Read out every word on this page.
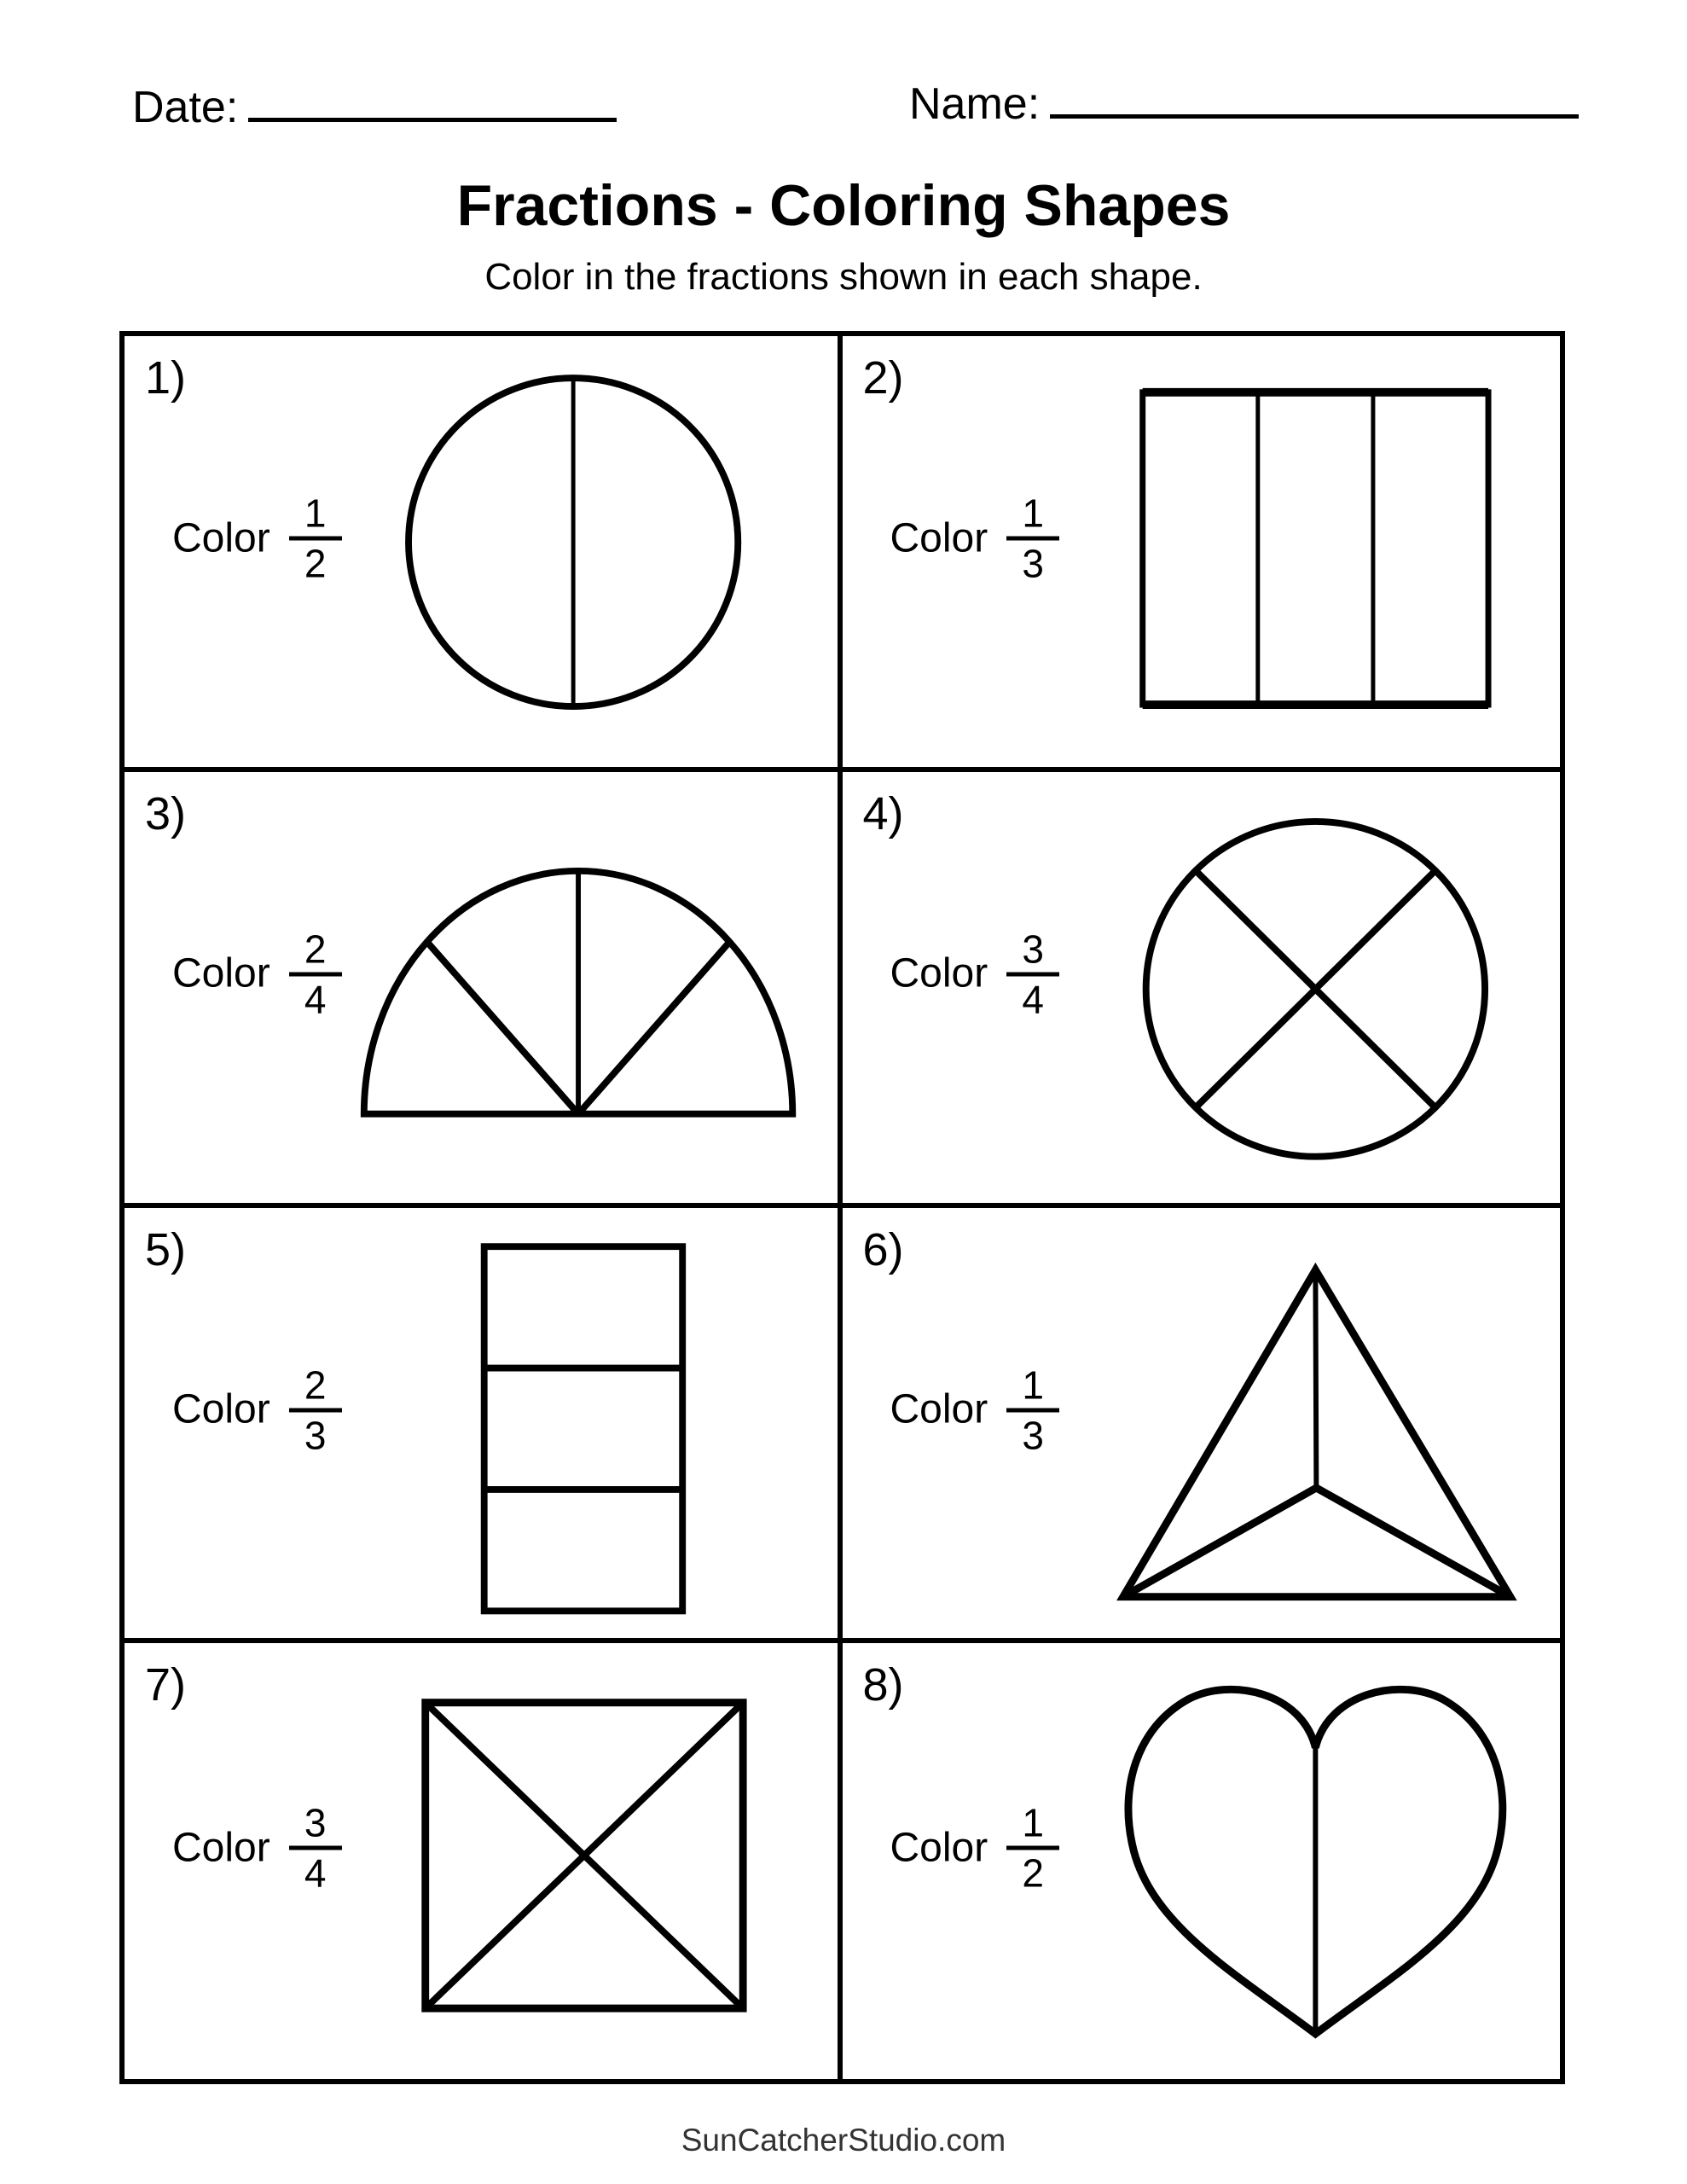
Date:	Name:
Fractions - Coloring Shapes
Color in the fractions shown in each shape.
1)
Color
1
2
2)
Color
1
3
3)
Color
2
4
4)
Color
3
4
5)
Color
2
3
6)
Color
1
3
7)
Color
3
4
8)
Color
1
2
SunCatcherStudio.com
